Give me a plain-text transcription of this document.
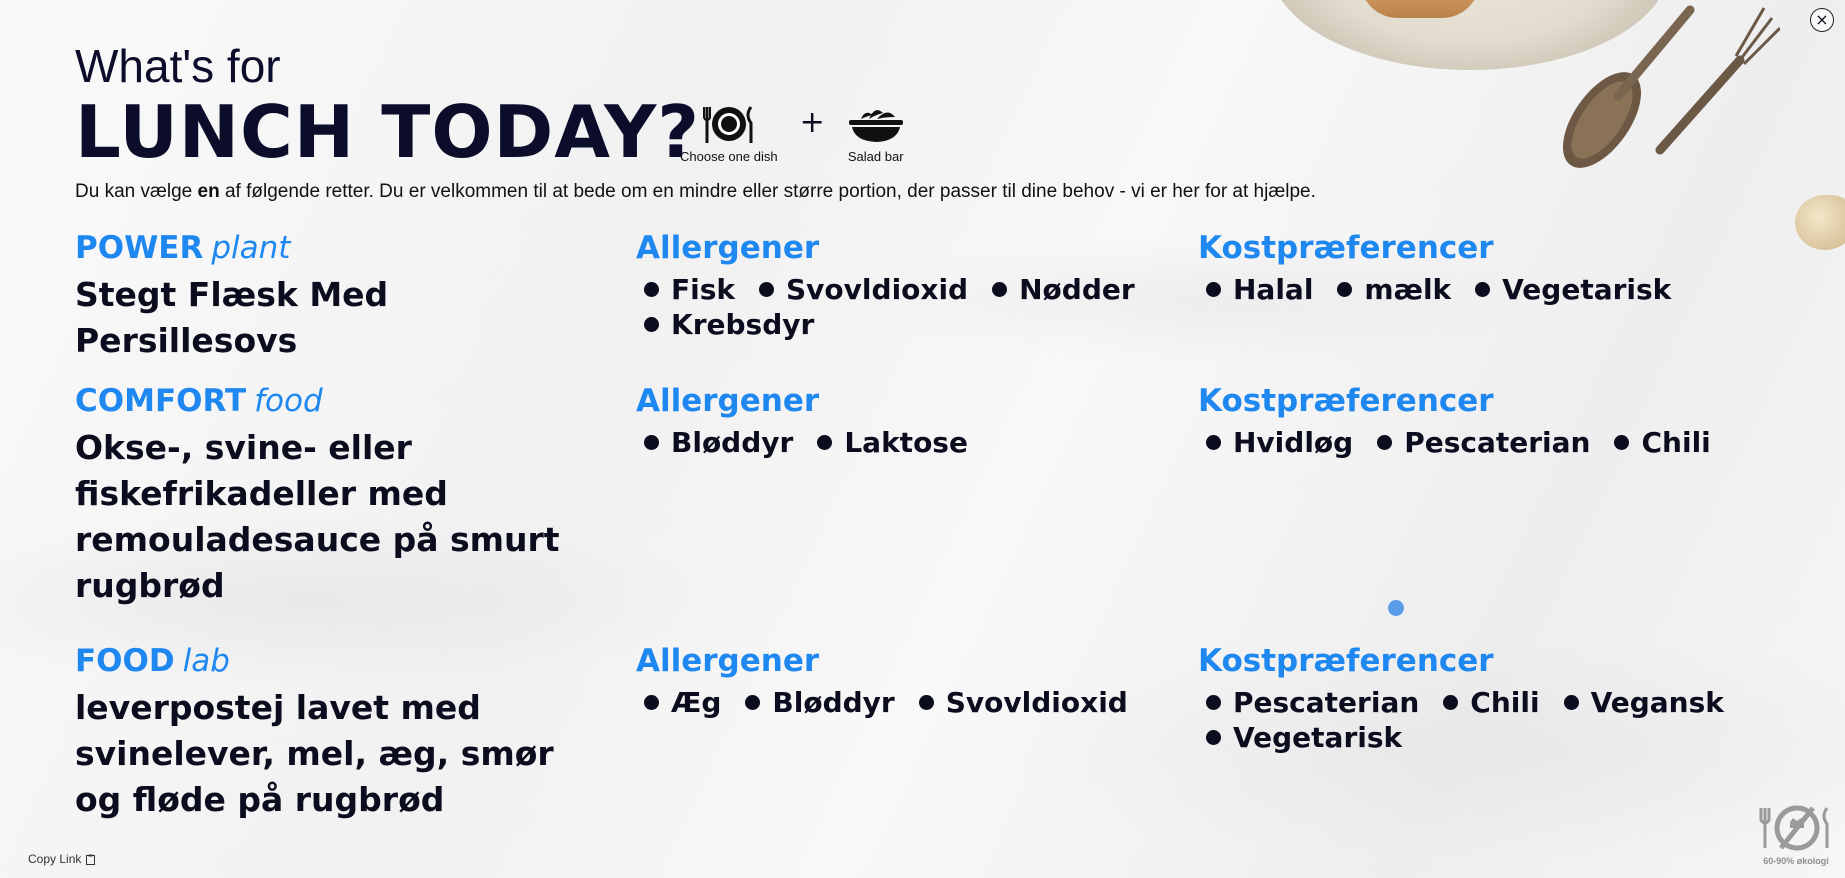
×
What's for
LUNCH TODAY?
Choose one dish
+
Salad bar
Du kan vælge en af følgende retter. Du er velkommen til at bede om en mindre eller større portion, der passer til dine behov - vi er her for at hjælpe.
POWER plant
Stegt Flæsk Med Persillesovs
Allergener
Fisk Svovldioxid Nødder
Krebsdyr
Kostpræferencer
Halal mælk Vegetarisk
COMFORT food
Okse-, svine- eller fiskefrikadeller med remouladesauce på smurt rugbrød
Allergener
Bløddyr Laktose
Kostpræferencer
Hvidløg Pescaterian Chili
FOOD lab
leverpostej lavet med svinelever, mel, æg, smør og fløde på rugbrød
Allergener
Æg Bløddyr Svovldioxid
Kostpræferencer
Pescaterian Chili Vegansk
Vegetarisk
Copy Link	60-90% økologi
